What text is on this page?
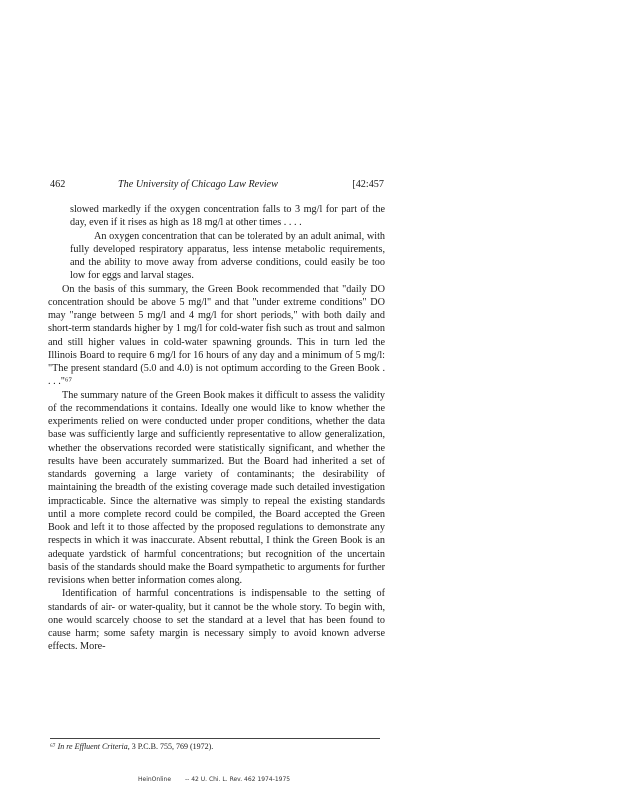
462	The University of Chicago Law Review	[42:457

slowed markedly if the oxygen concentration falls to 3 mg/l for part of the day, even if it rises as high as 18 mg/l at other times . . . .

An oxygen concentration that can be tolerated by an adult animal, with fully developed respiratory apparatus, less intense metabolic requirements, and the ability to move away from adverse conditions, could easily be too low for eggs and larval stages.

On the basis of this summary, the Green Book recommended that "daily DO concentration should be above 5 mg/l" and that "under extreme conditions" DO may "range between 5 mg/l and 4 mg/l for short periods," with both daily and short-term standards higher by 1 mg/l for cold-water fish such as trout and salmon and still higher values in cold-water spawning grounds. This in turn led the Illinois Board to require 6 mg/l for 16 hours of any day and a minimum of 5 mg/l: "The present standard (5.0 and 4.0) is not optimum according to the Green Book . . . ."⁶⁷

The summary nature of the Green Book makes it difficult to assess the validity of the recommendations it contains. Ideally one would like to know whether the experiments relied on were conducted under proper conditions, whether the data base was sufficiently large and sufficiently representative to allow generalization, whether the observations recorded were statistically significant, and whether the results have been accurately summarized. But the Board had inherited a set of standards governing a large variety of contaminants; the desirability of maintaining the breadth of the existing coverage made such detailed investigation impracticable. Since the alternative was simply to repeal the existing standards until a more complete record could be compiled, the Board accepted the Green Book and left it to those affected by the proposed regulations to demonstrate any respects in which it was inaccurate. Absent rebuttal, I think the Green Book is an adequate yardstick of harmful concentrations; but recognition of the uncertain basis of the standards should make the Board sympathetic to arguments for further revisions when better information comes along.

Identification of harmful concentrations is indispensable to the setting of standards of air- or water-quality, but it cannot be the whole story. To begin with, one would scarcely choose to set the standard at a level that has been found to cause harm; some safety margin is necessary simply to avoid known adverse effects. More-

⁶⁷ In re Effluent Criteria, 3 P.C.B. 755, 769 (1972).
HeinOnline -- 42 U. Chi. L. Rev. 462 1974-1975
